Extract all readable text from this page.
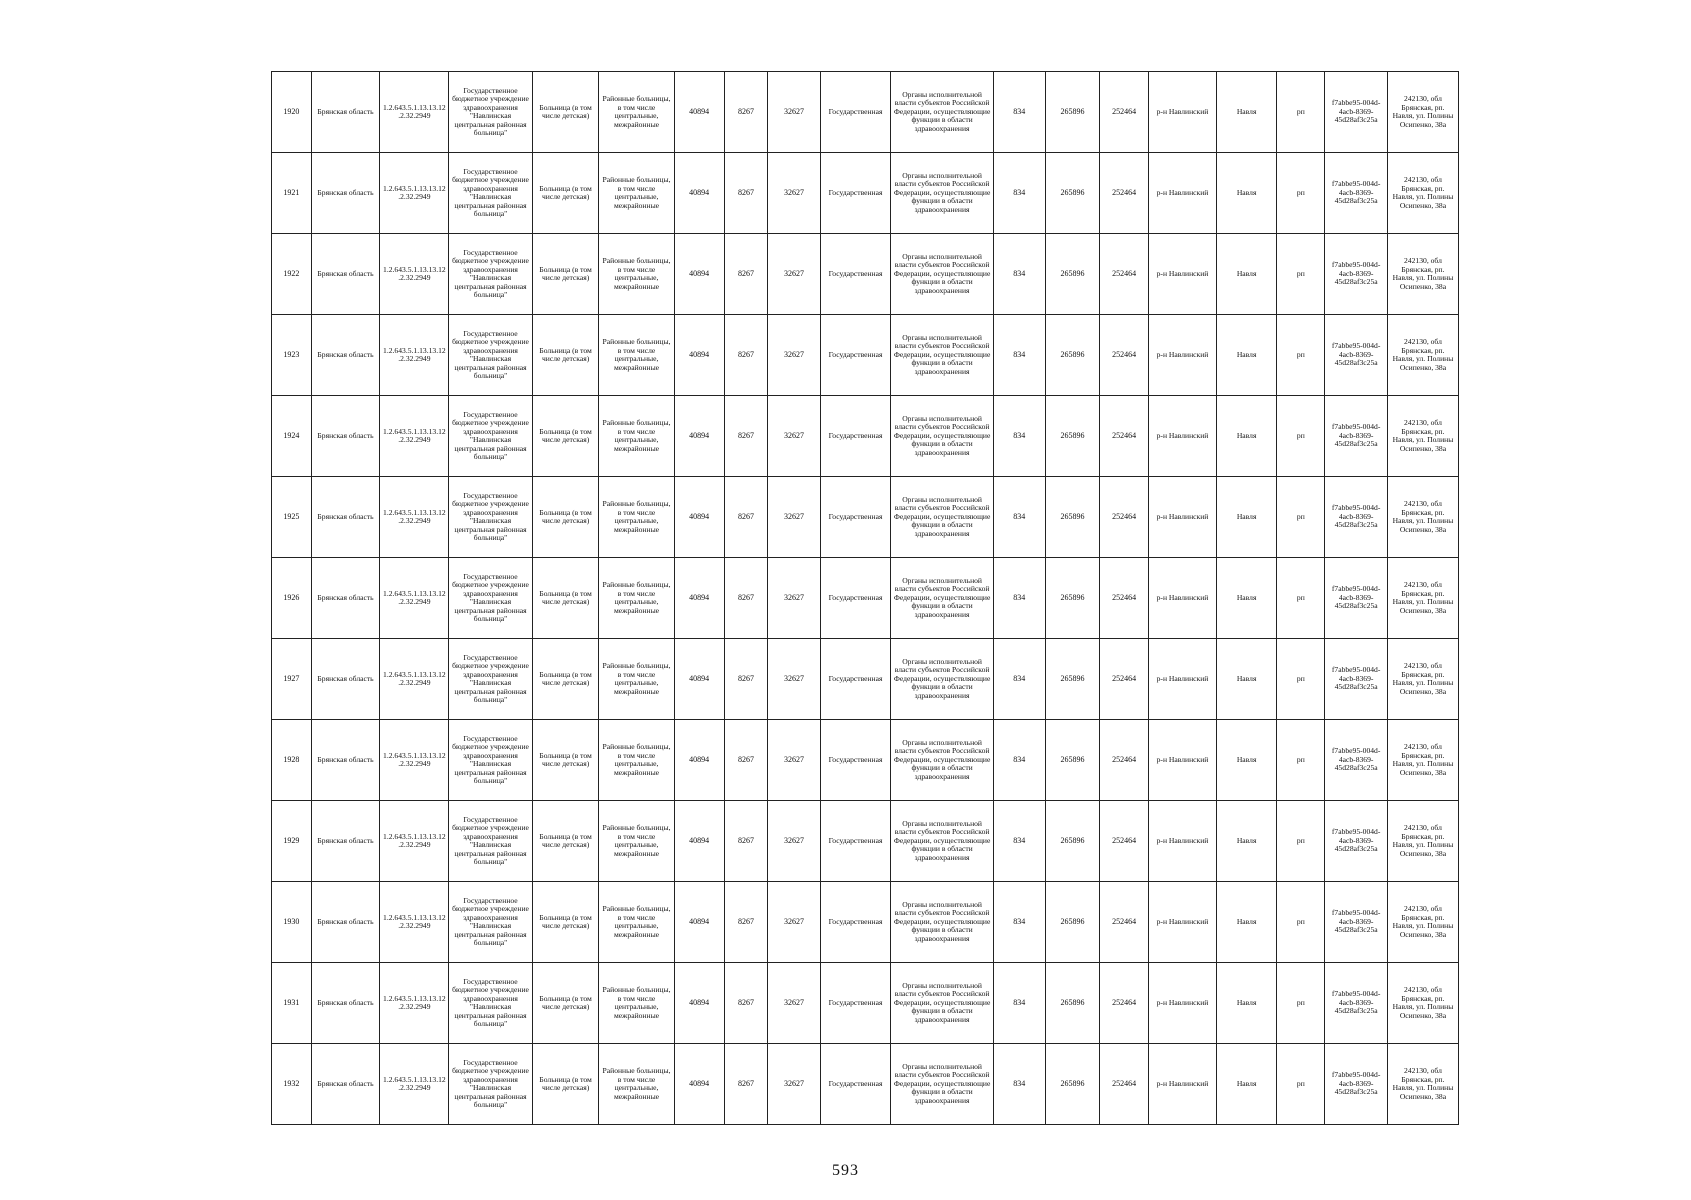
1920	Брянская область	1.2.643.5.1.13.13.12.2.32.2949	Государственное бюджетное учреждение здравоохранения "Навлинская центральная районная больница"	Больница (в том числе детская)	Районные больницы, в том числе центральные, межрайонные	40894	8267	32627	Государственная	Органы исполнительной власти субъектов Российской Федерации, осуществляющие функции в области здравоохранения	834	265896	252464	р-н Навлинский	Навля	рп	f7abbe95-004d-4acb-8369-45d28af3c25a	242130, обл Брянская, рп. Навля, ул. Полины Осипенко, 38а
1921	Брянская область	1.2.643.5.1.13.13.12.2.32.2949	Государственное бюджетное учреждение здравоохранения "Навлинская центральная районная больница"	Больница (в том числе детская)	Районные больницы, в том числе центральные, межрайонные	40894	8267	32627	Государственная	Органы исполнительной власти субъектов Российской Федерации, осуществляющие функции в области здравоохранения	834	265896	252464	р-н Навлинский	Навля	рп	f7abbe95-004d-4acb-8369-45d28af3c25a	242130, обл Брянская, рп. Навля, ул. Полины Осипенко, 38а
1922	Брянская область	1.2.643.5.1.13.13.12.2.32.2949	Государственное бюджетное учреждение здравоохранения "Навлинская центральная районная больница"	Больница (в том числе детская)	Районные больницы, в том числе центральные, межрайонные	40894	8267	32627	Государственная	Органы исполнительной власти субъектов Российской Федерации, осуществляющие функции в области здравоохранения	834	265896	252464	р-н Навлинский	Навля	рп	f7abbe95-004d-4acb-8369-45d28af3c25a	242130, обл Брянская, рп. Навля, ул. Полины Осипенко, 38а
1923	Брянская область	1.2.643.5.1.13.13.12.2.32.2949	Государственное бюджетное учреждение здравоохранения "Навлинская центральная районная больница"	Больница (в том числе детская)	Районные больницы, в том числе центральные, межрайонные	40894	8267	32627	Государственная	Органы исполнительной власти субъектов Российской Федерации, осуществляющие функции в области здравоохранения	834	265896	252464	р-н Навлинский	Навля	рп	f7abbe95-004d-4acb-8369-45d28af3c25a	242130, обл Брянская, рп. Навля, ул. Полины Осипенко, 38а
1924	Брянская область	1.2.643.5.1.13.13.12.2.32.2949	Государственное бюджетное учреждение здравоохранения "Навлинская центральная районная больница"	Больница (в том числе детская)	Районные больницы, в том числе центральные, межрайонные	40894	8267	32627	Государственная	Органы исполнительной власти субъектов Российской Федерации, осуществляющие функции в области здравоохранения	834	265896	252464	р-н Навлинский	Навля	рп	f7abbe95-004d-4acb-8369-45d28af3c25a	242130, обл Брянская, рп. Навля, ул. Полины Осипенко, 38а
1925	Брянская область	1.2.643.5.1.13.13.12.2.32.2949	Государственное бюджетное учреждение здравоохранения "Навлинская центральная районная больница"	Больница (в том числе детская)	Районные больницы, в том числе центральные, межрайонные	40894	8267	32627	Государственная	Органы исполнительной власти субъектов Российской Федерации, осуществляющие функции в области здравоохранения	834	265896	252464	р-н Навлинский	Навля	рп	f7abbe95-004d-4acb-8369-45d28af3c25a	242130, обл Брянская, рп. Навля, ул. Полины Осипенко, 38а
1926	Брянская область	1.2.643.5.1.13.13.12.2.32.2949	Государственное бюджетное учреждение здравоохранения "Навлинская центральная районная больница"	Больница (в том числе детская)	Районные больницы, в том числе центральные, межрайонные	40894	8267	32627	Государственная	Органы исполнительной власти субъектов Российской Федерации, осуществляющие функции в области здравоохранения	834	265896	252464	р-н Навлинский	Навля	рп	f7abbe95-004d-4acb-8369-45d28af3c25a	242130, обл Брянская, рп. Навля, ул. Полины Осипенко, 38а
1927	Брянская область	1.2.643.5.1.13.13.12.2.32.2949	Государственное бюджетное учреждение здравоохранения "Навлинская центральная районная больница"	Больница (в том числе детская)	Районные больницы, в том числе центральные, межрайонные	40894	8267	32627	Государственная	Органы исполнительной власти субъектов Российской Федерации, осуществляющие функции в области здравоохранения	834	265896	252464	р-н Навлинский	Навля	рп	f7abbe95-004d-4acb-8369-45d28af3c25a	242130, обл Брянская, рп. Навля, ул. Полины Осипенко, 38а
1928	Брянская область	1.2.643.5.1.13.13.12.2.32.2949	Государственное бюджетное учреждение здравоохранения "Навлинская центральная районная больница"	Больница (в том числе детская)	Районные больницы, в том числе центральные, межрайонные	40894	8267	32627	Государственная	Органы исполнительной власти субъектов Российской Федерации, осуществляющие функции в области здравоохранения	834	265896	252464	р-н Навлинский	Навля	рп	f7abbe95-004d-4acb-8369-45d28af3c25a	242130, обл Брянская, рп. Навля, ул. Полины Осипенко, 38а
1929	Брянская область	1.2.643.5.1.13.13.12.2.32.2949	Государственное бюджетное учреждение здравоохранения "Навлинская центральная районная больница"	Больница (в том числе детская)	Районные больницы, в том числе центральные, межрайонные	40894	8267	32627	Государственная	Органы исполнительной власти субъектов Российской Федерации, осуществляющие функции в области здравоохранения	834	265896	252464	р-н Навлинский	Навля	рп	f7abbe95-004d-4acb-8369-45d28af3c25a	242130, обл Брянская, рп. Навля, ул. Полины Осипенко, 38а
1930	Брянская область	1.2.643.5.1.13.13.12.2.32.2949	Государственное бюджетное учреждение здравоохранения "Навлинская центральная районная больница"	Больница (в том числе детская)	Районные больницы, в том числе центральные, межрайонные	40894	8267	32627	Государственная	Органы исполнительной власти субъектов Российской Федерации, осуществляющие функции в области здравоохранения	834	265896	252464	р-н Навлинский	Навля	рп	f7abbe95-004d-4acb-8369-45d28af3c25a	242130, обл Брянская, рп. Навля, ул. Полины Осипенко, 38а
1931	Брянская область	1.2.643.5.1.13.13.12.2.32.2949	Государственное бюджетное учреждение здравоохранения "Навлинская центральная районная больница"	Больница (в том числе детская)	Районные больницы, в том числе центральные, межрайонные	40894	8267	32627	Государственная	Органы исполнительной власти субъектов Российской Федерации, осуществляющие функции в области здравоохранения	834	265896	252464	р-н Навлинский	Навля	рп	f7abbe95-004d-4acb-8369-45d28af3c25a	242130, обл Брянская, рп. Навля, ул. Полины Осипенко, 38а
1932	Брянская область	1.2.643.5.1.13.13.12.2.32.2949	Государственное бюджетное учреждение здравоохранения "Навлинская центральная районная больница"	Больница (в том числе детская)	Районные больницы, в том числе центральные, межрайонные	40894	8267	32627	Государственная	Органы исполнительной власти субъектов Российской Федерации, осуществляющие функции в области здравоохранения	834	265896	252464	р-н Навлинский	Навля	рп	f7abbe95-004d-4acb-8369-45d28af3c25a	242130, обл Брянская, рп. Навля, ул. Полины Осипенко, 38а
593
